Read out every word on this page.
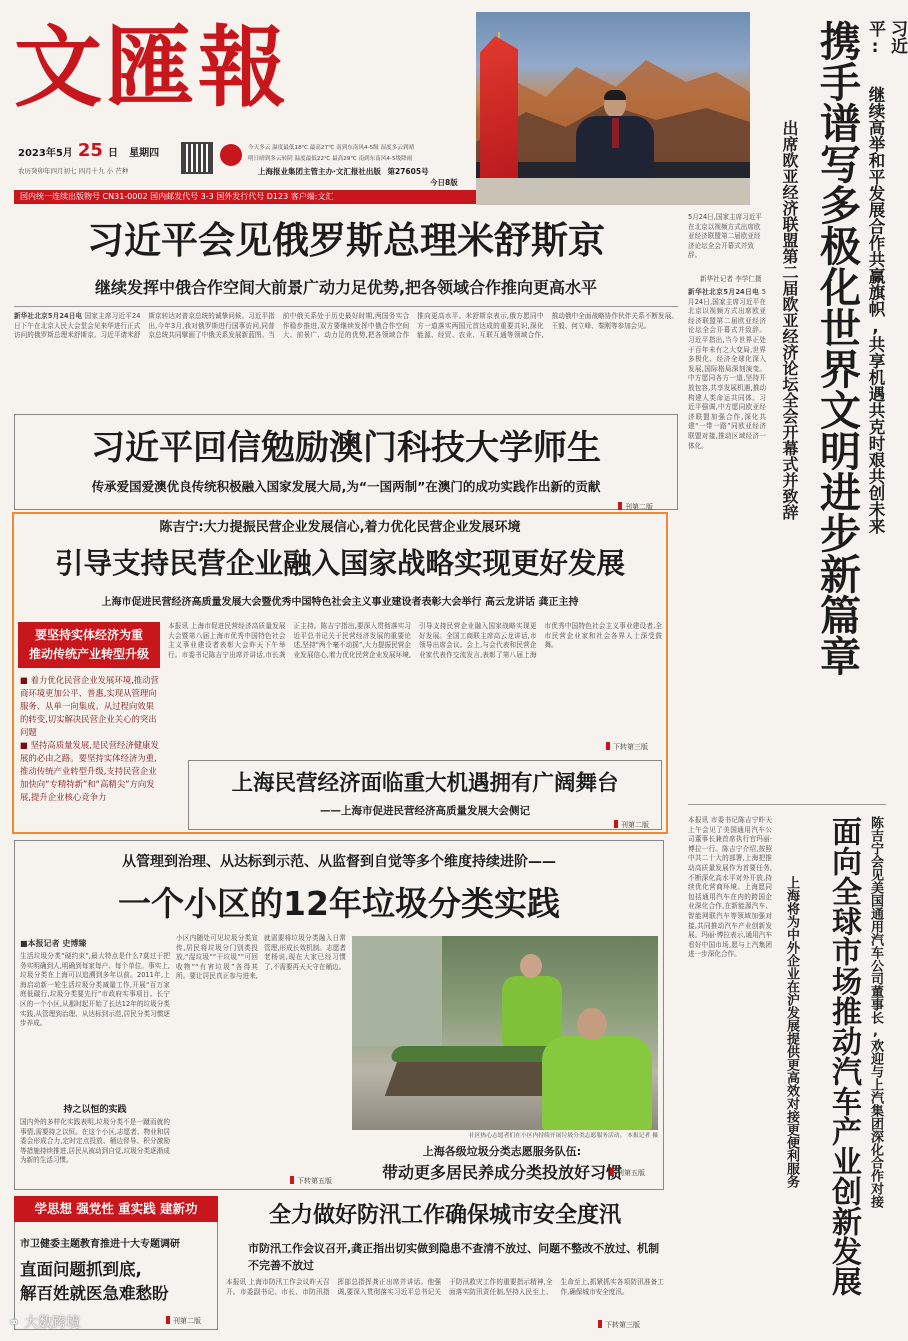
文匯報
2023年5月 25 日 星期四
农历癸卯年四月初七 四月十九 小 芒种
今天多云 温度最低18℃ 最高27℃ 南到东南风4-5级 湿度多云到晴
明日晴到多云转阴 温度最低22℃ 最高29℃ 南到东南风4-5级降雨
上海报业集团主管主办·文汇报社出版 第27605号
今日8版
国内统一连续出版物号 CN31-0002 国内邮发代号 3-3 国外发行代号 D123 客户端:文汇
习近平:
继续高举和平发展合作共赢旗帜,共享机遇共克时艰共创未来
携手谱写多极化世界文明进步新篇章
出席欧亚经济联盟第二届欧亚经济论坛全会开幕式并致辞
5月24日,国家主席习近平在北京以视频方式出席欧亚经济联盟第二届欧亚经济论坛全会开幕式并致辞。
新华社记者 李学仁摄
新华社北京5月24日电 5月24日,国家主席习近平在北京以视频方式出席欧亚经济联盟第二届欧亚经济论坛全会开幕式并致辞。习近平指出,当今世界正处于百年未有之大变局,世界多极化、经济全球化深入发展,国际格局深刻演变。中方愿同各方一道,坚持开放包容,共享发展机遇,推动构建人类命运共同体。习近平强调,中方愿同欧亚经济联盟加强合作,深化共建“一带一路”同欧亚经济联盟对接,推动区域经济一体化。
习近平会见俄罗斯总理米舒斯京
继续发挥中俄合作空间大前景广动力足优势,把各领域合作推向更高水平
新华社北京5月24日电 国家主席习近平24日下午在北京人民大会堂会见来华进行正式访问的俄罗斯总理米舒斯京。习近平请米舒斯京转达对普京总统的诚挚问候。习近平指出,今年3月,我对俄罗斯进行国事访问,同普京总统共同擘画了中俄关系发展新蓝图。当前中俄关系处于历史最好时期,两国务实合作稳步推进,双方要继续发挥中俄合作空间大、前景广、动力足的优势,把各领域合作推向更高水平。米舒斯京表示,俄方愿同中方一道落实两国元首达成的重要共识,深化能源、经贸、农业、互联互通等领域合作,推动俄中全面战略协作伙伴关系不断发展。王毅、何立峰、秦刚等参加会见。
习近平回信勉励澳门科技大学师生
传承爱国爱澳优良传统积极融入国家发展大局,为“一国两制”在澳门的成功实践作出新的贡献
刊第二版
陈吉宁:大力提振民营企业发展信心,着力优化民营企业发展环境
引导支持民营企业融入国家战略实现更好发展
上海市促进民营经济高质量发展大会暨优秀中国特色社会主义事业建设者表彰大会举行 高云龙讲话 龚正主持
要坚持实体经济为重
推动传统产业转型升级
■ 着力优化民营企业发展环境,推动营商环境更加公平、普惠,实现从管理向服务、从单一向集成、从过程向效果的转变,切实解决民营企业关心的突出问题
■ 坚持高质量发展,是民营经济健康发展的必由之路。要坚持实体经济为重,推动传统产业转型升级,支持民营企业加快向“专精特新”和“高精尖”方向发展,提升企业核心竞争力
本报讯 上海市促进民营经济高质量发展大会暨第八届上海市优秀中国特色社会主义事业建设者表彰大会昨天下午举行。市委书记陈吉宁出席并讲话,市长龚正主持。陈吉宁指出,要深入贯彻落实习近平总书记关于民营经济发展的重要论述,坚持“两个毫不动摇”,大力提振民营企业发展信心,着力优化民营企业发展环境,引导支持民营企业融入国家战略实现更好发展。全国工商联主席高云龙讲话,市领导出席会议。会上,与会代表和民营企业家代表作交流发言,表彰了第八届上海市优秀中国特色社会主义事业建设者,全市民营企业家和社会各界人士深受鼓舞。
下转第三版
上海民营经济面临重大机遇拥有广阔舞台
——上海市促进民营经济高质量发展大会侧记
刊第二版	面向全球市场推动汽车产业创新发展 陈吉宁会见美国通用汽车公司董事长,欢迎与上汽集团深化合作对接
上海将为中外企业在沪发展提供更高效对接更便利服务
本报讯 市委书记陈吉宁昨天上午会见了美国通用汽车公司董事长兼首席执行官玛丽·博拉一行。陈吉宁介绍,按照中共二十大的部署,上海把推动高质量发展作为首要任务,不断深化高水平对外开放,持续优化营商环境。上海愿同包括通用汽车在内的跨国企业深化合作,在新能源汽车、智能网联汽车等领域加强对接,共同推动汽车产业创新发展。玛丽·博拉表示,通用汽车看好中国市场,愿与上汽集团进一步深化合作。
从管理到治理、从达标到示范、从监督到自觉等多个维度持续进阶——
一个小区的12年垃圾分类实践
■本报记者 史博臻
生活垃圾分类“硬约束”,最大特点是什么?莫过于把务实明确到人,明确到每家每户、每个单位。事实上,垃圾分类在上海可以追溯到多年以前。2011年,上海启动新一轮生活垃圾分类减量工作,开展“百万家庭低碳行,垃圾分类要先行”市政府实事项目。长宁区的一个小区,从那时起开始了长达12年的垃圾分类实践,从管理到治理、从达标到示范,居民分类习惯逐步养成。
持之以恒的实践
国内外的多样化实践表明,垃圾分类不是一蹴而就的事情,需要持之以恒。在这个小区,志愿者、物业和居委会形成合力,定时定点投放、桶边督导、积分激励等措施持续推进,居民从被动到自觉,垃圾分类逐渐成为新的生活习惯。
小区内随处可见垃圾分类宣传,居民将垃圾分门别类投放,“湿垃圾”“干垃圾”“可回收物”“有害垃圾”各得其所。要让居民真正参与进来,就需要将垃圾分类融入日常管理,形成长效机制。志愿者老杨说,现在大家已经习惯了,不需要再天天守在桶边。
下转第五版
社区热心志愿者们在小区内持续开展垃圾分类志愿服务活动。 本报记者 摄
上海各级垃圾分类志愿服务队伍:
带动更多居民养成分类投放好习惯
刊第五版
学思想 强党性 重实践 建新功
市卫健委主题教育推进十大专题调研
直面问题抓到底,
解百姓就医急难愁盼
刊第二版
全力做好防汛工作确保城市安全度汛
市防汛工作会议召开,龚正指出切实做到隐患不查清不放过、问题不整改不放过、机制不完善不放过
本报讯 上海市防汛工作会议昨天召开。市委副书记、市长、市防汛指挥部总指挥龚正出席并讲话。他强调,要深入贯彻落实习近平总书记关于防汛救灾工作的重要指示精神,全面落实防汛责任制,坚持人民至上、生命至上,抓紧抓实各项防汛准备工作,确保城市安全度汛。
下转第三版
⚭ 大数跨境
